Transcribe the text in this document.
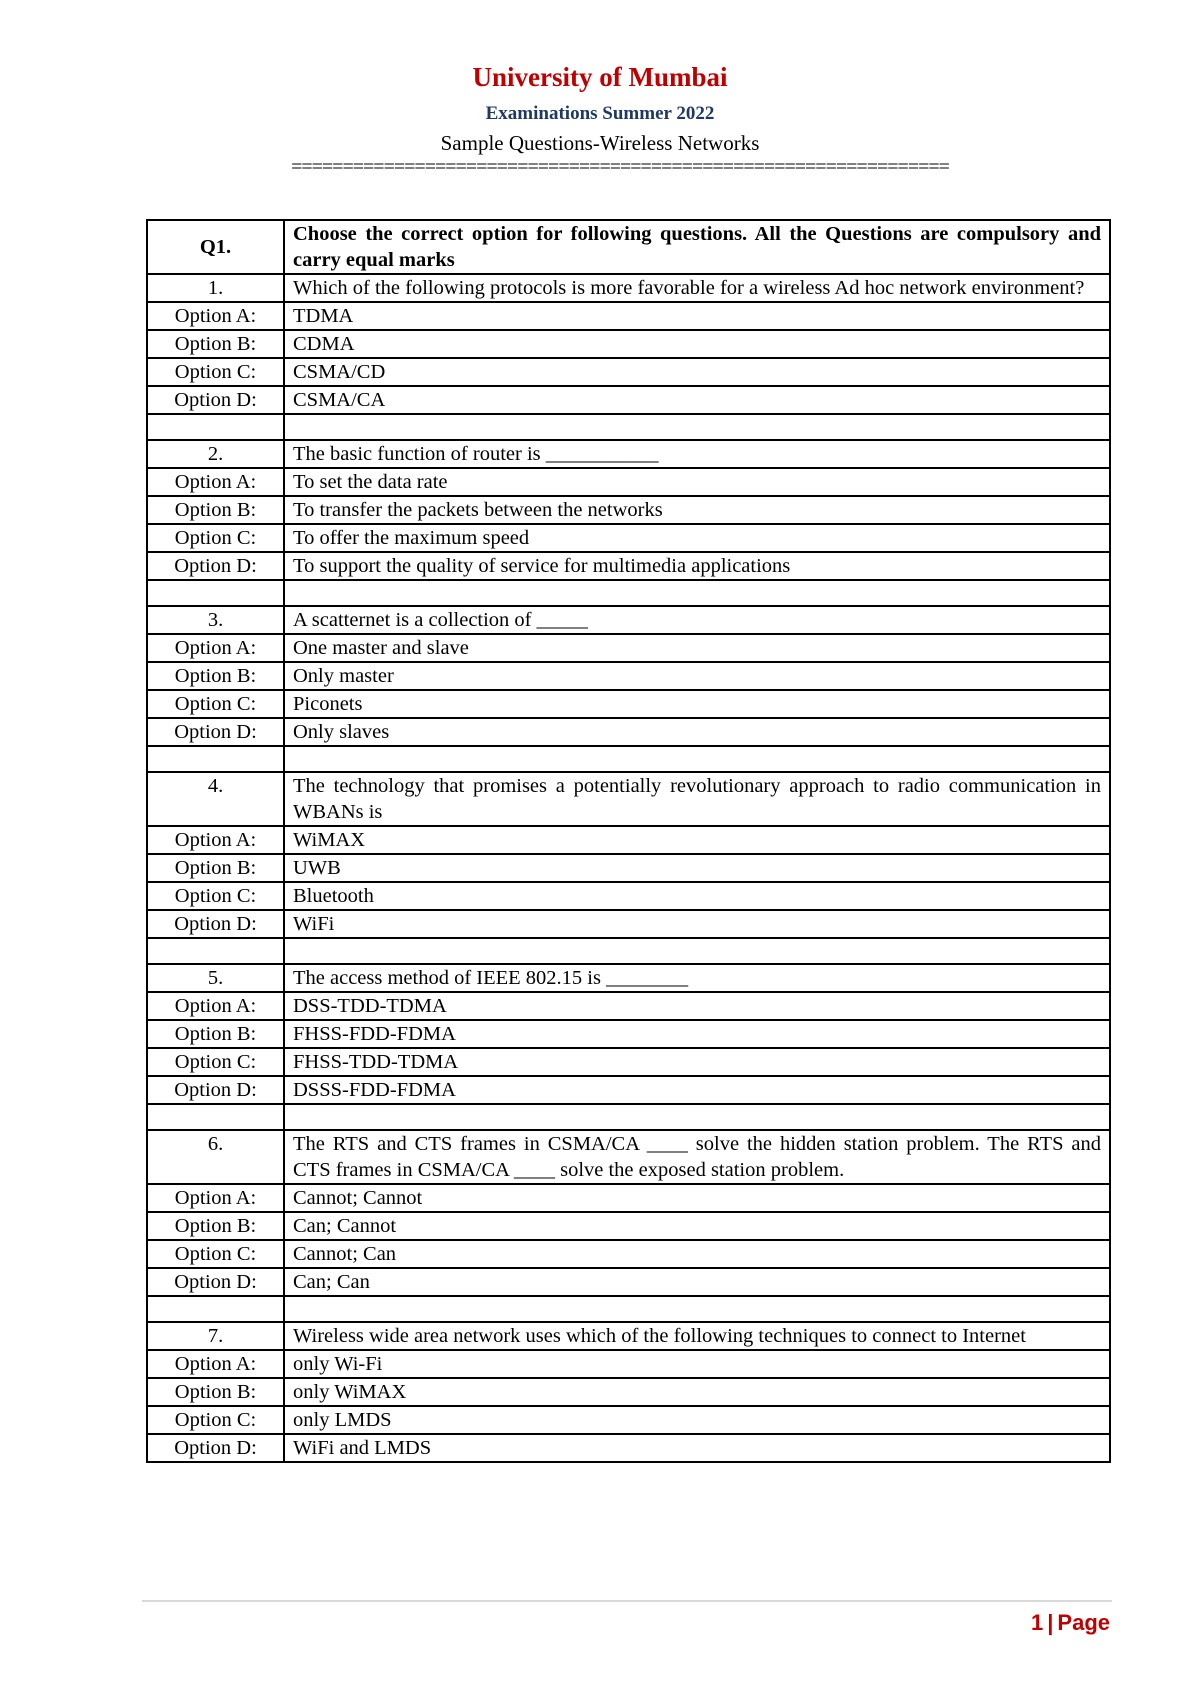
University of Mumbai
Examinations Summer 2022
Sample Questions-Wireless Networks
================================================================
Q1.	Choose the correct option for following questions. All the Questions are compulsory and carry equal marks
1.	Which of the following protocols is more favorable for a wireless Ad hoc network environment?
Option A:	TDMA
Option B:	CDMA
Option C:	CSMA/CD
Option D:	CSMA/CA

2.	The basic function of router is ___________
Option A:	To set the data rate
Option B:	To transfer the packets between the networks
Option C:	To offer the maximum speed
Option D:	To support the quality of service for multimedia applications

3.	A scatternet is a collection of _____
Option A:	One master and slave
Option B:	Only master
Option C:	Piconets
Option D:	Only slaves

4.	The technology that promises a potentially revolutionary approach to radio communication in WBANs is
Option A:	WiMAX
Option B:	UWB
Option C:	Bluetooth
Option D:	WiFi

5.	The access method of IEEE 802.15 is ________
Option A:	DSS-TDD-TDMA
Option B:	FHSS-FDD-FDMA
Option C:	FHSS-TDD-TDMA
Option D:	DSSS-FDD-FDMA

6.	The RTS and CTS frames in CSMA/CA ____ solve the hidden station problem. The RTS and CTS frames in CSMA/CA ____ solve the exposed station problem.
Option A:	Cannot; Cannot
Option B:	Can; Cannot
Option C:	Cannot; Can
Option D:	Can; Can

7.	Wireless wide area network uses which of the following techniques to connect to Internet
Option A:	only Wi-Fi
Option B:	only WiMAX
Option C:	only LMDS
Option D:	WiFi and LMDS
1 | Page
